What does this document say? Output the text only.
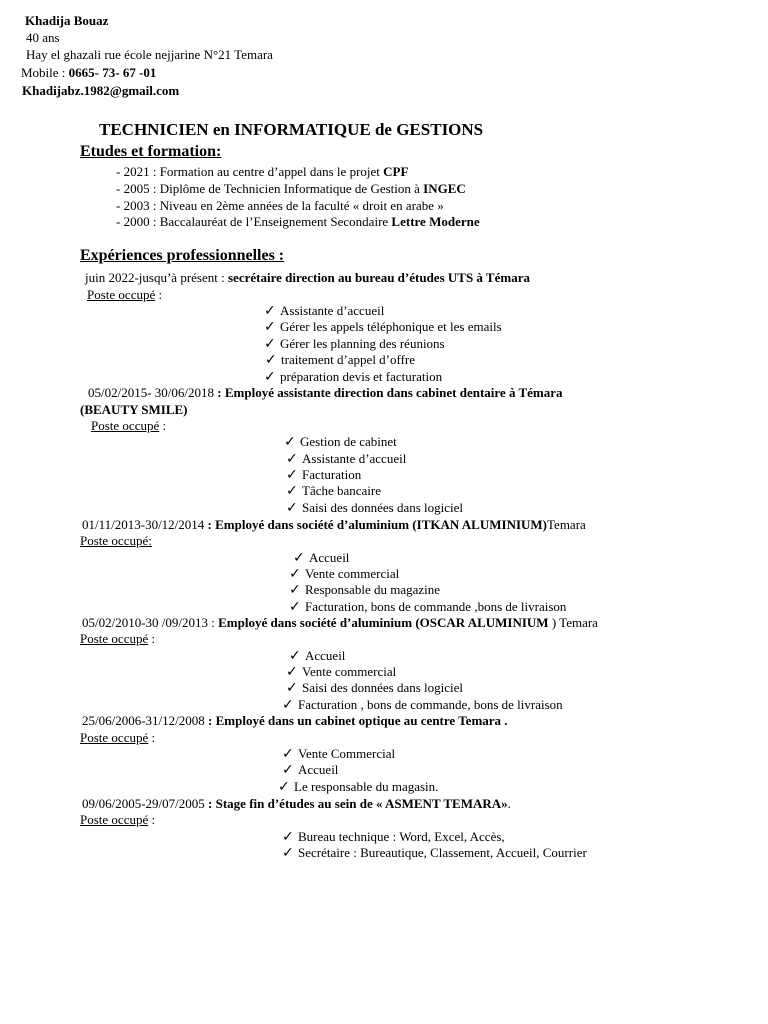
Khadija Bouaz
40 ans
Hay el ghazali rue école nejjarine N°21 Temara
Mobile : 0665- 73- 67 -01
Khadijabz.1982@gmail.com
TECHNICIEN en INFORMATIQUE de GESTIONS
Etudes et formation:
- 2021 : Formation au centre d’appel dans le projet CPF
- 2005 : Diplôme de Technicien Informatique de Gestion à INGEC
- 2003 : Niveau en 2ème années de la faculté « droit en arabe »
- 2000 : Baccalauréat de l’Enseignement Secondaire Lettre Moderne
Expériences professionnelles :
juin 2022-jusqu’à présent : secrétaire direction au bureau d’études UTS à Témara
Poste occupé :
✓ Assistante d’accueil
✓ Gérer les appels téléphonique et les emails
✓ Gérer les planning des réunions
✓ traitement d’appel d’offre
✓ préparation devis et facturation
05/02/2015- 30/06/2018 : Employé assistante direction dans cabinet dentaire à Témara
(BEAUTY SMILE)
Poste occupé :
✓ Gestion de cabinet
✓ Assistante d’accueil
✓ Facturation
✓ Tâche bancaire
✓ Saisi des données dans logiciel
01/11/2013-30/12/2014 : Employé dans société d’aluminium (ITKAN ALUMINIUM)Temara
Poste occupé:
✓ Accueil
✓ Vente commercial
✓ Responsable du magazine
✓ Facturation, bons de commande ,bons de livraison
05/02/2010-30 /09/2013 : Employé dans société d’aluminium (OSCAR ALUMINIUM ) Temara
Poste occupé :
✓ Accueil
✓ Vente commercial
✓ Saisi des données dans logiciel
✓ Facturation , bons de commande, bons de livraison
25/06/2006-31/12/2008 : Employé dans un cabinet optique au centre Temara .
Poste occupé :
✓ Vente Commercial
✓ Accueil
✓ Le responsable du magasin.
09/06/2005-29/07/2005 : Stage fin d’études au sein de « ASMENT TEMARA».
Poste occupé :
✓ Bureau technique : Word, Excel, Accès,
✓ Secrétaire : Bureautique, Classement, Accueil, Courrier
